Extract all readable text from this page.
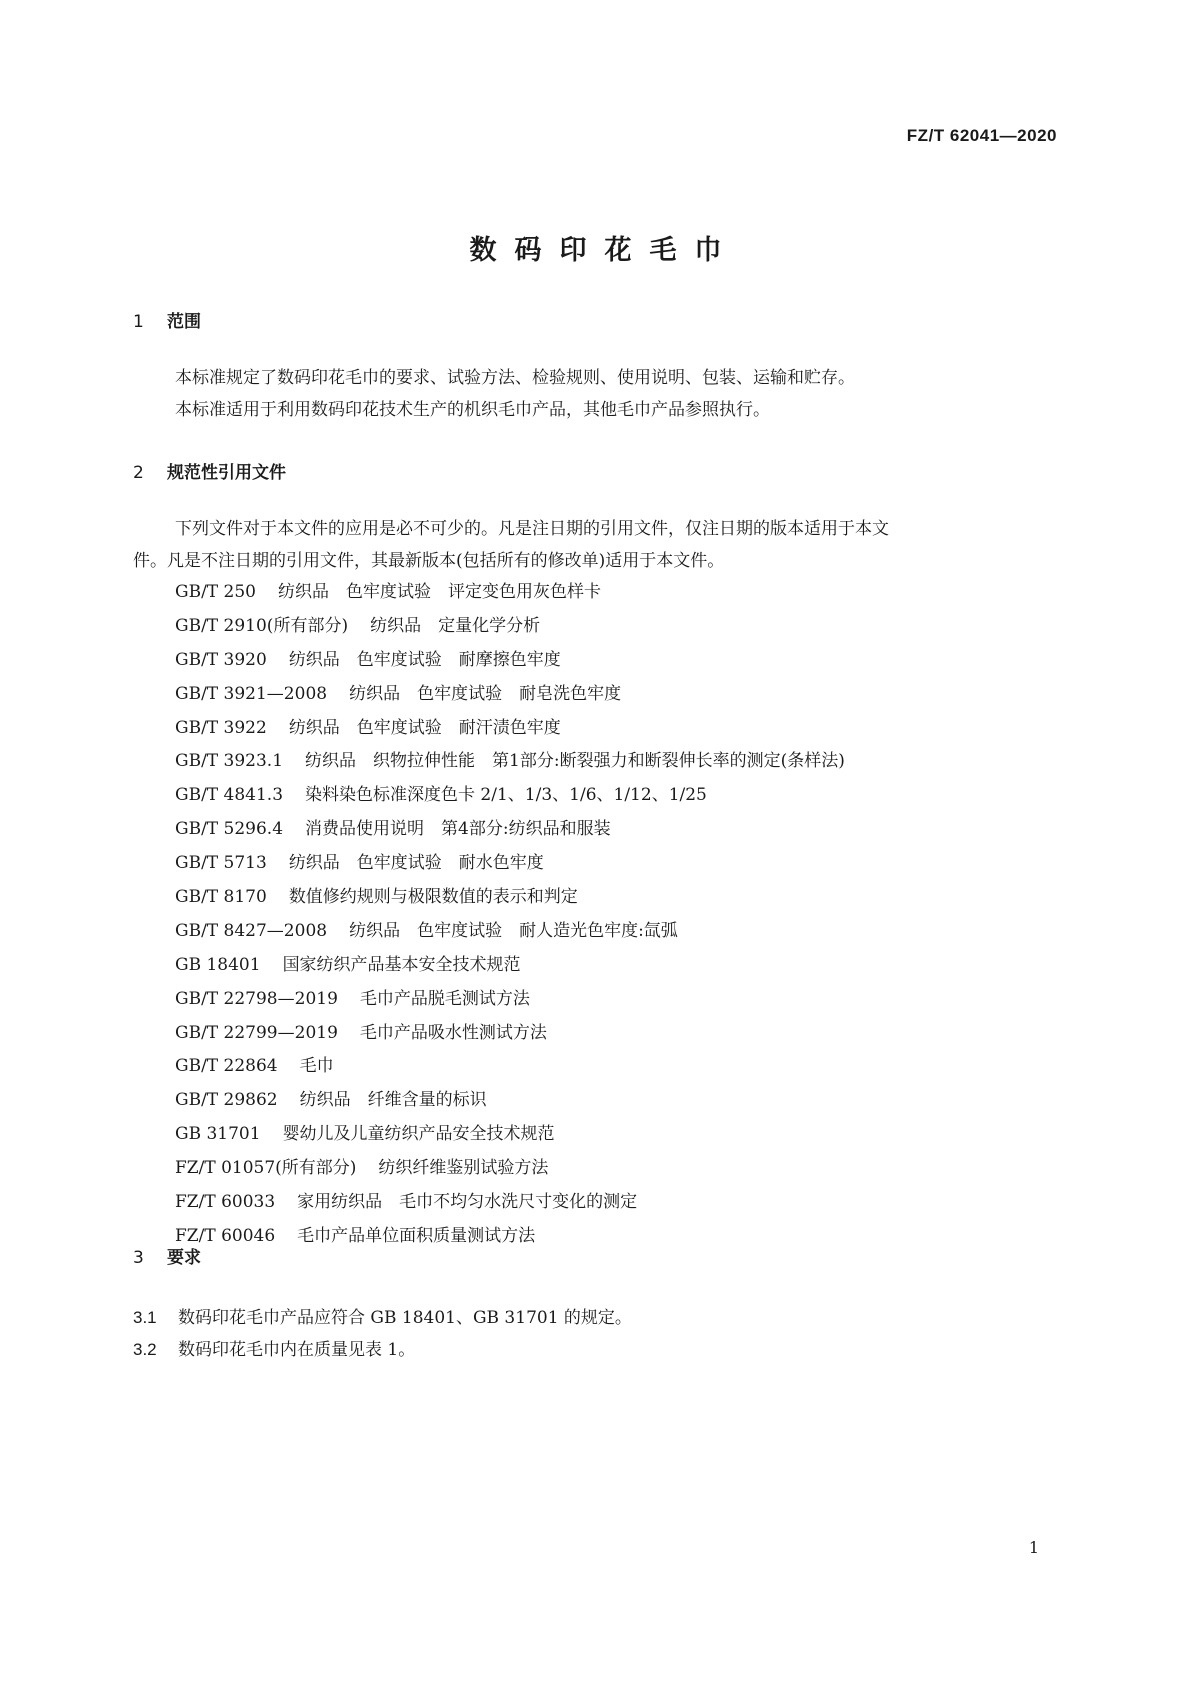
FZ/T 62041—2020
数码印花毛巾
1 范围
本标准规定了数码印花毛巾的要求、试验方法、检验规则、使用说明、包装、运输和贮存。
本标准适用于利用数码印花技术生产的机织毛巾产品，其他毛巾产品参照执行。
2 规范性引用文件
下列文件对于本文件的应用是必不可少的。凡是注日期的引用文件，仅注日期的版本适用于本文
件。凡是不注日期的引用文件，其最新版本(包括所有的修改单)适用于本文件。
GB/T 250 纺织品　色牢度试验　评定变色用灰色样卡
GB/T 2910(所有部分) 纺织品　定量化学分析
GB/T 3920 纺织品　色牢度试验　耐摩擦色牢度
GB/T 3921—2008 纺织品　色牢度试验　耐皂洗色牢度
GB/T 3922 纺织品　色牢度试验　耐汗渍色牢度
GB/T 3923.1 纺织品　织物拉伸性能　第1部分:断裂强力和断裂伸长率的测定(条样法)
GB/T 4841.3 染料染色标准深度色卡 2/1、1/3、1/6、1/12、1/25
GB/T 5296.4 消费品使用说明　第4部分:纺织品和服装
GB/T 5713 纺织品　色牢度试验　耐水色牢度
GB/T 8170 数值修约规则与极限数值的表示和判定
GB/T 8427—2008 纺织品　色牢度试验　耐人造光色牢度:氙弧
GB 18401 国家纺织产品基本安全技术规范
GB/T 22798—2019 毛巾产品脱毛测试方法
GB/T 22799—2019 毛巾产品吸水性测试方法
GB/T 22864 毛巾
GB/T 29862 纺织品　纤维含量的标识
GB 31701 婴幼儿及儿童纺织产品安全技术规范
FZ/T 01057(所有部分) 纺织纤维鉴别试验方法
FZ/T 60033 家用纺织品　毛巾不均匀水洗尺寸变化的测定
FZ/T 60046 毛巾产品单位面积质量测试方法
3 要求
3.1 数码印花毛巾产品应符合 GB 18401、GB 31701 的规定。
3.2 数码印花毛巾内在质量见表 1。
1
